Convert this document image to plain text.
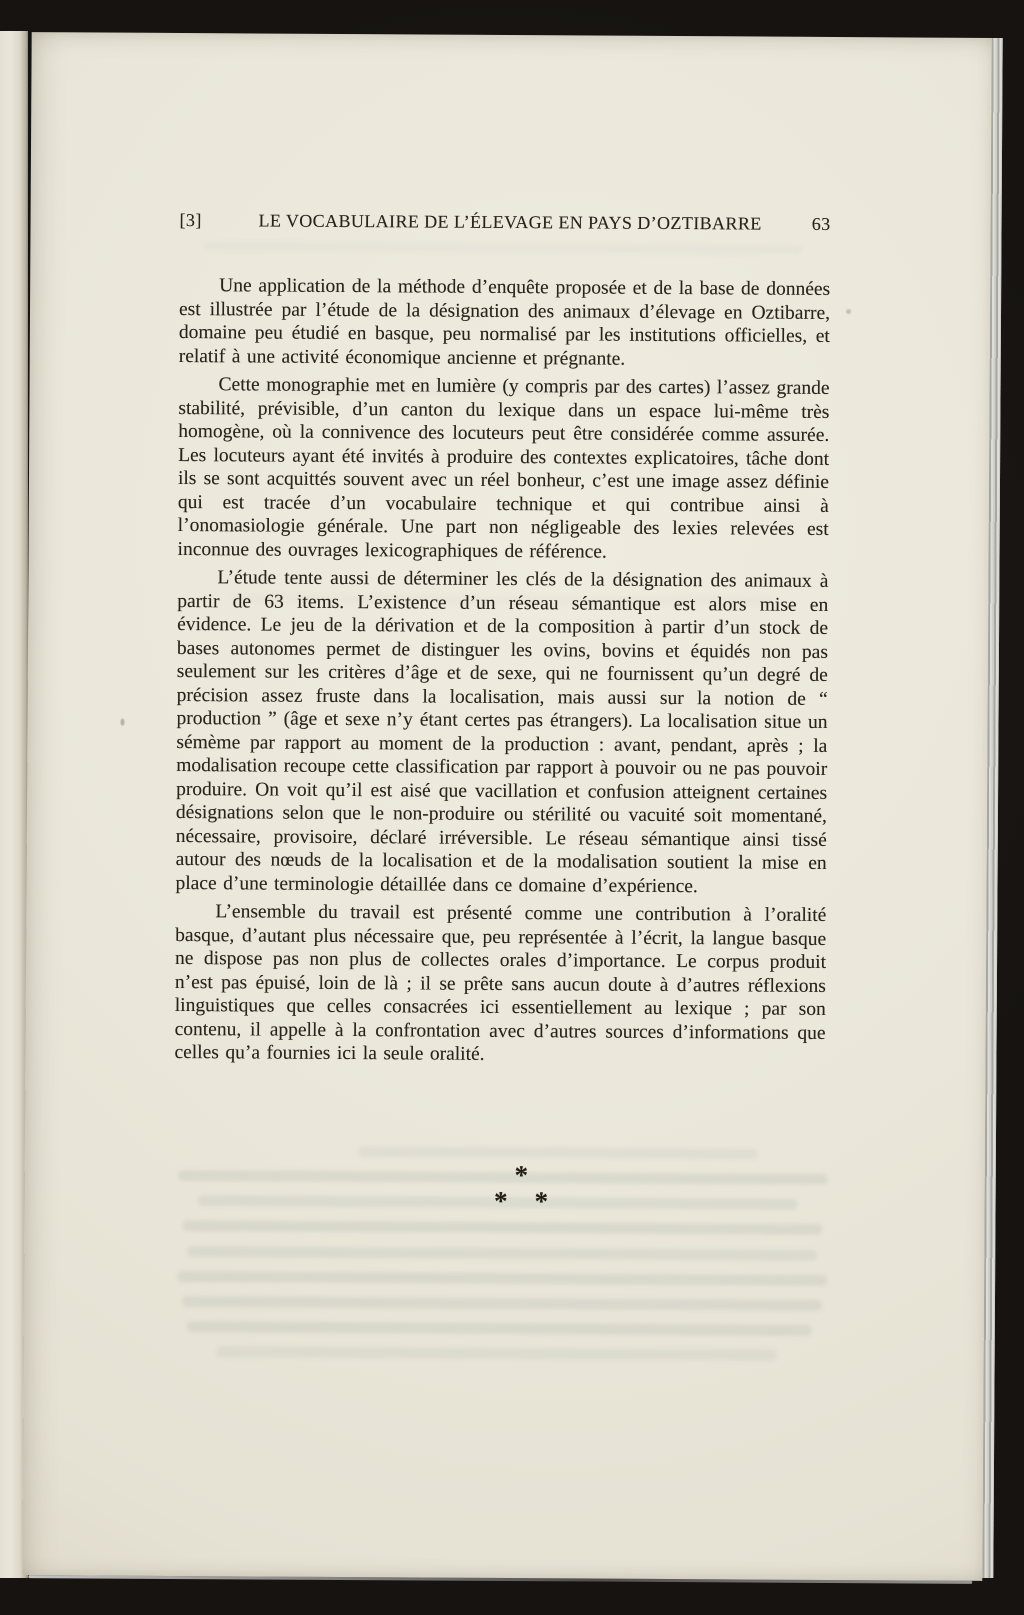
[3]	LE VOCABULAIRE DE L’ÉLEVAGE EN PAYS D’OZTIBARRE	63

Une application de la méthode d’enquête proposée et de la base de données est illustrée par l’étude de la désignation des animaux d’élevage en Oztibarre, domaine peu étudié en basque, peu normalisé par les institutions officielles, et relatif à une activité économique ancienne et prégnante.

Cette monographie met en lumière (y compris par des cartes) l’assez grande stabilité, prévisible, d’un canton du lexique dans un espace lui-même très homogène, où la connivence des locuteurs peut être considérée comme assurée. Les locuteurs ayant été invités à produire des contextes explicatoires, tâche dont ils se sont acquittés souvent avec un réel bonheur, c’est une image assez définie qui est tracée d’un vocabulaire technique et qui contribue ainsi à l’onomasiologie générale. Une part non négligeable des lexies relevées est inconnue des ouvrages lexicographiques de référence.

L’étude tente aussi de déterminer les clés de la désignation des animaux à partir de 63 items. L’existence d’un réseau sémantique est alors mise en évidence. Le jeu de la dérivation et de la composition à partir d’un stock de bases autonomes permet de distinguer les ovins, bovins et équidés non pas seulement sur les critères d’âge et de sexe, qui ne fournissent qu’un degré de précision assez fruste dans la localisation, mais aussi sur la notion de “ production ” (âge et sexe n’y étant certes pas étrangers). La localisation situe un sémème par rapport au moment de la production : avant, pendant, après ; la modalisation recoupe cette classification par rapport à pouvoir ou ne pas pouvoir produire. On voit qu’il est aisé que vacillation et confusion atteignent certaines désignations selon que le non-produire ou stérilité ou vacuité soit momentané, nécessaire, provisoire, déclaré irréversible. Le réseau sémantique ainsi tissé autour des nœuds de la localisation et de la modalisation soutient la mise en place d’une terminologie détaillée dans ce domaine d’expérience.

L’ensemble du travail est présenté comme une contribution à l’oralité basque, d’autant plus nécessaire que, peu représentée à l’écrit, la langue basque ne dispose pas non plus de collectes orales d’importance. Le corpus produit n’est pas épuisé, loin de là ; il se prête sans aucun doute à d’autres réflexions linguistiques que celles consacrées ici essentiellement au lexique ; par son contenu, il appelle à la confrontation avec d’autres sources d’informations que celles qu’a fournies ici la seule oralité.

*
* *
